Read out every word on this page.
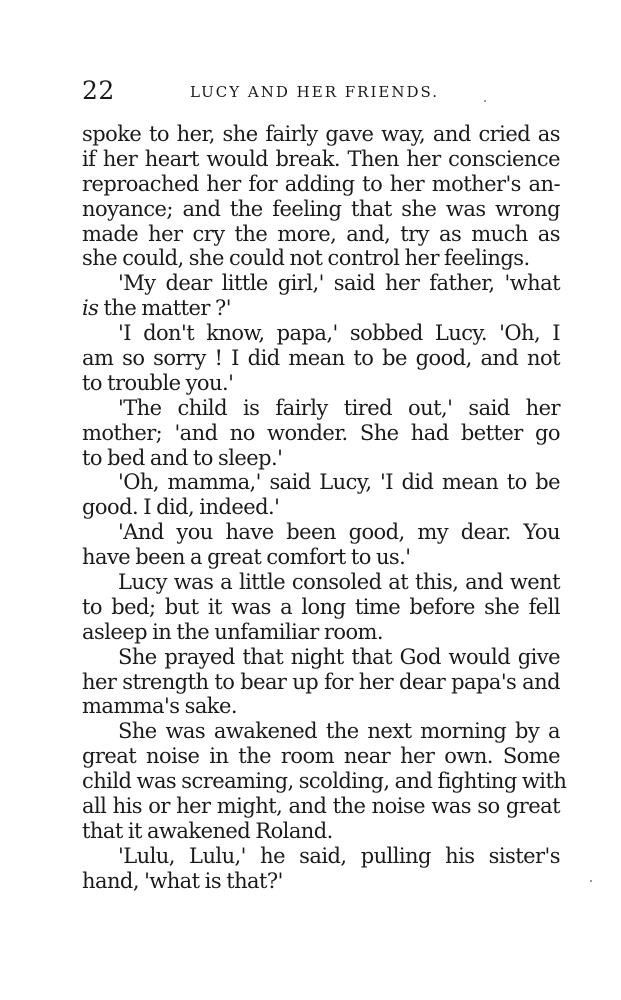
22	LUCY AND HER FRIENDS.
spoke to her, she fairly gave way, and cried as
if her heart would break. Then her conscience
reproached her for adding to her mother's an-
noyance; and the feeling that she was wrong
made her cry the more, and, try as much as
she could, she could not control her feelings.
'My dear little girl,' said her father, 'what
is the matter ?'
'I don't know, papa,' sobbed Lucy. 'Oh, I
am so sorry ! I did mean to be good, and not
to trouble you.'
'The child is fairly tired out,' said her
mother; 'and no wonder. She had better go
to bed and to sleep.'
'Oh, mamma,' said Lucy, 'I did mean to be
good. I did, indeed.'
'And you have been good, my dear. You
have been a great comfort to us.'
Lucy was a little consoled at this, and went
to bed; but it was a long time before she fell
asleep in the unfamiliar room.
She prayed that night that God would give
her strength to bear up for her dear papa's and
mamma's sake.
She was awakened the next morning by a
great noise in the room near her own. Some
child was screaming, scolding, and fighting with
all his or her might, and the noise was so great
that it awakened Roland.
'Lulu, Lulu,' he said, pulling his sister's
hand, 'what is that?'
